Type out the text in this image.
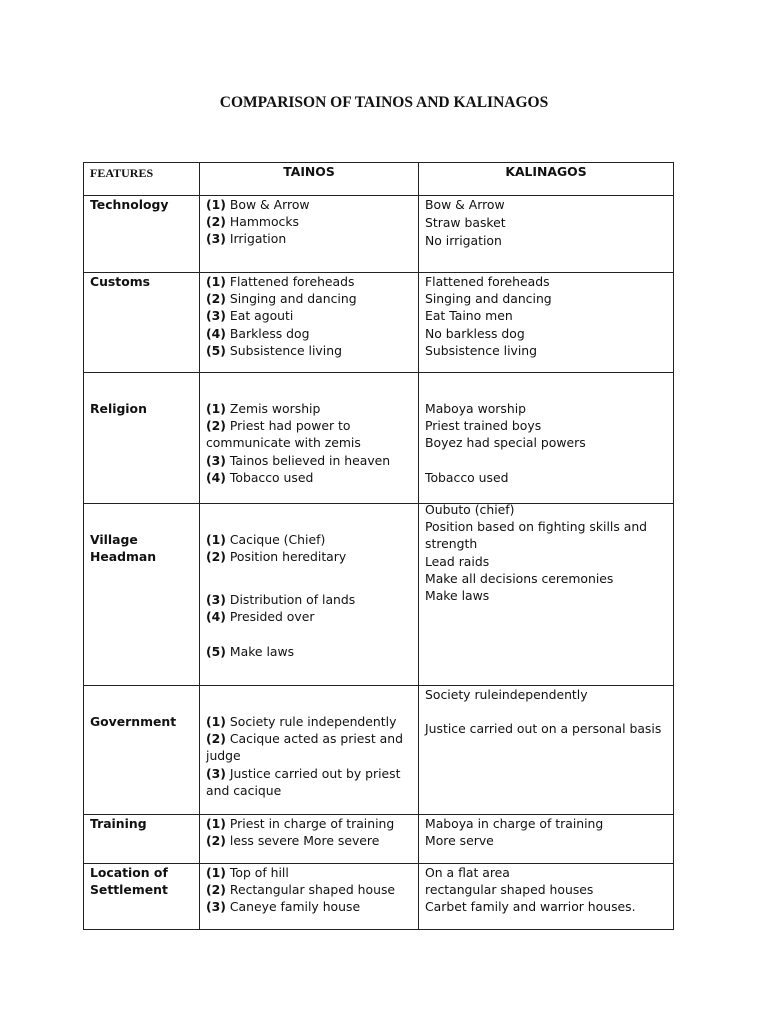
COMPARISON OF TAINOS AND KALINAGOS
FEATURES	TAINOS	KALINAGOS
Technology	(1) Bow & Arrow
(2) Hammocks
(3) Irrigation	Bow & Arrow
Straw basket
No irrigation

Customs	(1) Flattened foreheads
(2) Singing and dancing
(3) Eat agouti
(4) Barkless dog
(5) Subsistence living	Flattened foreheads
Singing and dancing
Eat Taino men
No barkless dog
Subsistence living

Religion	(1) Zemis worship
(2) Priest had power to communicate with zemis
(3) Tainos believed in heaven
(4) Tobacco used	Maboya worship
Priest trained boys
Boyez had special powers
Tobacco used

Village
Headman	(1) Cacique (Chief)
(2) Position hereditary
(3) Distribution of lands
(4) Presided over
(5) Make laws	Oubuto (chief)
Position based on fighting skills and strength
Lead raids
Make all decisions ceremonies
Make laws

Government	(1) Society rule independently
(2) Cacique acted as priest and judge
(3) Justice carried out by priest and cacique	Society ruleindependently
Justice carried out on a personal basis

Training	(1) Priest in charge of training
(2) less severe More severe	Maboya in charge of training
More serve

Location of
Settlement	(1) Top of hill
(2) Rectangular shaped house
(3) Caneye family house	On a flat area
rectangular shaped houses
Carbet family and warrior houses.
